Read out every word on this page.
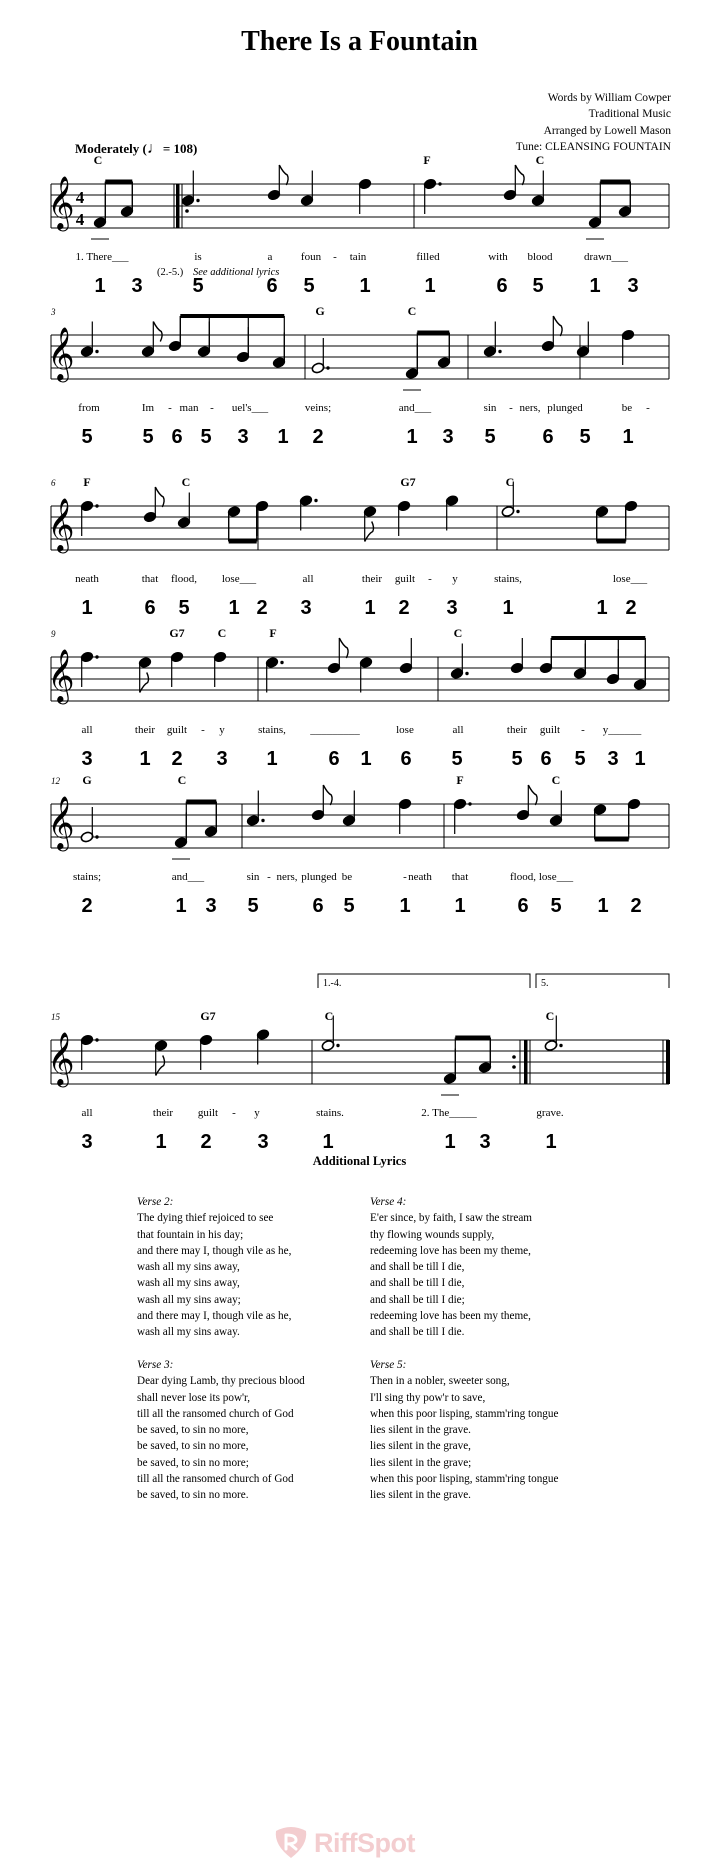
There Is a Fountain
Words by William Cowper
Traditional Music
Arranged by Lowell Mason
Tune: CLEANSING FOUNTAIN
Moderately (♩= 108)
𝄞 4
4
C	F	C
1. There___	is	a	foun - tain	filled	with blood	drawn___
1 3 5	6 5 1	1	6 5 1 3
(2.-5.) See additional lyrics
𝄞
3	G	C
from	Im - man - uel's___	veins;	and___	sin - ners, plunged	be -
5 5 6 5 3 1 2	1 3 5 6 5 1
𝄞
6 F	C	G7	C
neath	that flood, lose___	all	their guilt - y	stains,	lose___
1	6 5 1 2 3	1 2 3 1	1 2
𝄞
9	G7	C	F	C
all	their guilt - y	stains, _________	lose	all	their guilt - y______
3 1 2 3 1	6 1 6 5 5 6 5 3 1
𝄞
12 G	C	F	C
stains;	and___	sin - ners, plunged be	- neath that	flood, lose___
2	1 3 5	6 5 1 1	6 5 1 2
𝄞
15	G7	C	C
all	their guilt - y	stains.	2. The_____	grave.
3	1 2 3	1	1 3	1
1.-4.	5.
Additional Lyrics
Verse 2:
The dying thief rejoiced to see
that fountain in his day;
and there may I, though vile as he,
wash all my sins away,
wash all my sins away,
wash all my sins away;
and there may I, though vile as he,
wash all my sins away.
Verse 4:
E'er since, by faith, I saw the stream
thy flowing wounds supply,
redeeming love has been my theme,
and shall be till I die,
and shall be till I die,
and shall be till I die;
redeeming love has been my theme,
and shall be till I die.
Verse 3:
Dear dying Lamb, thy precious blood
shall never lose its pow'r,
till all the ransomed church of God
be saved, to sin no more,
be saved, to sin no more,
be saved, to sin no more;
till all the ransomed church of God
be saved, to sin no more.
Verse 5:
Then in a nobler, sweeter song,
I'll sing thy pow'r to save,
when this poor lisping, stamm'ring tongue
lies silent in the grave.
lies silent in the grave,
lies silent in the grave;
when this poor lisping, stamm'ring tongue
lies silent in the grave.
RiffSpot
